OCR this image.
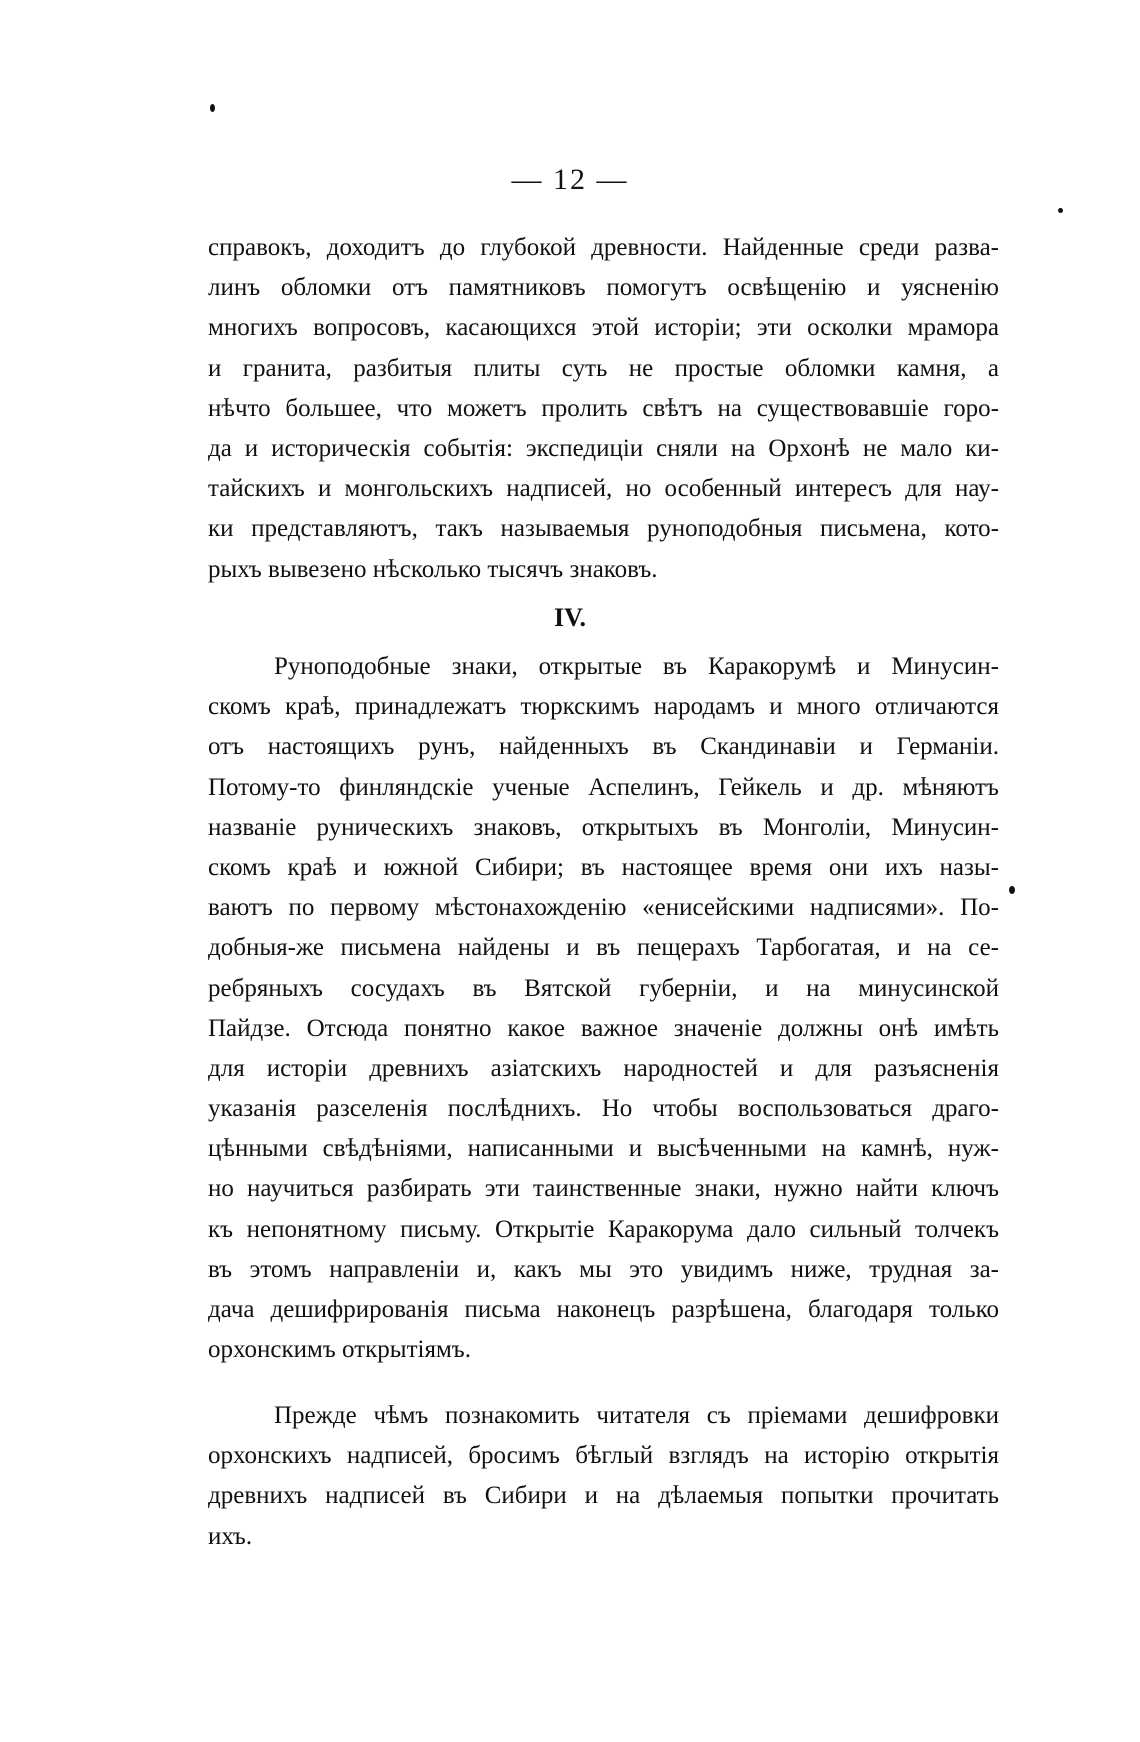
— 12 —
справокъ, доходитъ до глубокой древности. Найденные среди разва-
линъ обломки отъ памятниковъ помогутъ освѣщенію и уясненію
многихъ вопросовъ, касающихся этой исторіи; эти осколки мрамора
и гранита, разбитыя плиты суть не простые обломки камня, а
нѣчто большее, что можетъ пролить свѣтъ на существовавшіе горо-
да и историческія событія: экспедиціи сняли на Орхонѣ не мало ки-
тайскихъ и монгольскихъ надписей, но особенный интересъ для нау-
ки представляютъ, такъ называемыя руноподобныя письмена, кото-
рыхъ вывезено нѣсколько тысячъ знаковъ.
IV.
Руноподобные знаки, открытые въ Каракорумѣ и Минусин-
скомъ краѣ, принадлежатъ тюркскимъ народамъ и много отличаются
отъ настоящихъ рунъ, найденныхъ въ Скандинавіи и Германіи.
Потому-то финляндскіе ученые Аспелинъ, Гейкель и др. мѣняютъ
названіе руническихъ знаковъ, открытыхъ въ Монголіи, Минусин-
скомъ краѣ и южной Сибири; въ настоящее время они ихъ назы-
ваютъ по первому мѣстонахожденію «енисейскими надписями». По-
добныя-же письмена найдены и въ пещерахъ Тарбогатая, и на се-
ребряныхъ сосудахъ въ Вятской губерніи, и на минусинской
Пайдзе. Отсюда понятно какое важное значеніе должны онѣ имѣть
для исторіи древнихъ азіатскихъ народностей и для разъясненія
указанія разселенія послѣднихъ. Но чтобы воспользоваться драго-
цѣнными свѣдѣніями, написанными и высѣченными на камнѣ, нуж-
но научиться разбирать эти таинственные знаки, нужно найти ключъ
къ непонятному письму. Открытіе Каракорума дало сильный толчекъ
въ этомъ направленіи и, какъ мы это увидимъ ниже, трудная за-
дача дешифрированія письма наконецъ разрѣшена, благодаря только
орхонскимъ открытіямъ.
Прежде чѣмъ познакомить читателя съ пріемами дешифровки
орхонскихъ надписей, бросимъ бѣглый взглядъ на исторію открытія
древнихъ надписей въ Сибири и на дѣлаемыя попытки прочитать
ихъ.
